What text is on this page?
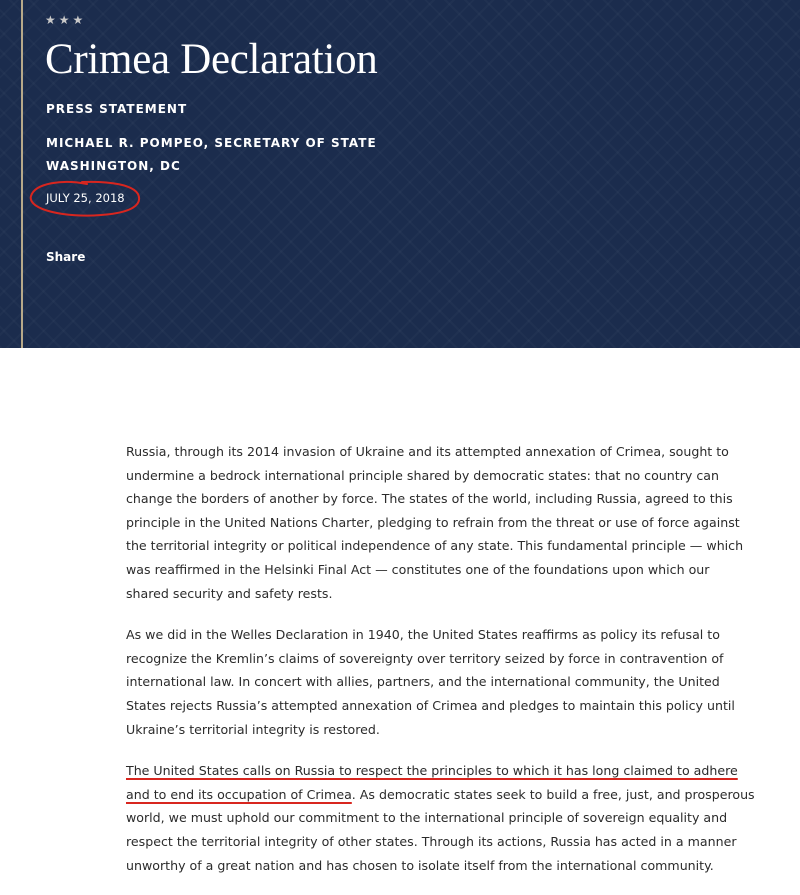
★★★
Crimea Declaration
PRESS STATEMENT
MICHAEL R. POMPEO, SECRETARY OF STATE
WASHINGTON, DC
JULY 25, 2018
Share

Russia, through its 2014 invasion of Ukraine and its attempted annexation of Crimea, sought to undermine a bedrock international principle shared by democratic states: that no country can change the borders of another by force. The states of the world, including Russia, agreed to this principle in the United Nations Charter, pledging to refrain from the threat or use of force against the territorial integrity or political independence of any state. This fundamental principle — which was reaffirmed in the Helsinki Final Act — constitutes one of the foundations upon which our shared security and safety rests.

As we did in the Welles Declaration in 1940, the United States reaffirms as policy its refusal to recognize the Kremlin’s claims of sovereignty over territory seized by force in contravention of international law. In concert with allies, partners, and the international community, the United States rejects Russia’s attempted annexation of Crimea and pledges to maintain this policy until Ukraine’s territorial integrity is restored.

The United States calls on Russia to respect the principles to which it has long claimed to adhere and to end its occupation of Crimea. As democratic states seek to build a free, just, and prosperous world, we must uphold our commitment to the international principle of sovereign equality and respect the territorial integrity of other states. Through its actions, Russia has acted in a manner unworthy of a great nation and has chosen to isolate itself from the international community.
